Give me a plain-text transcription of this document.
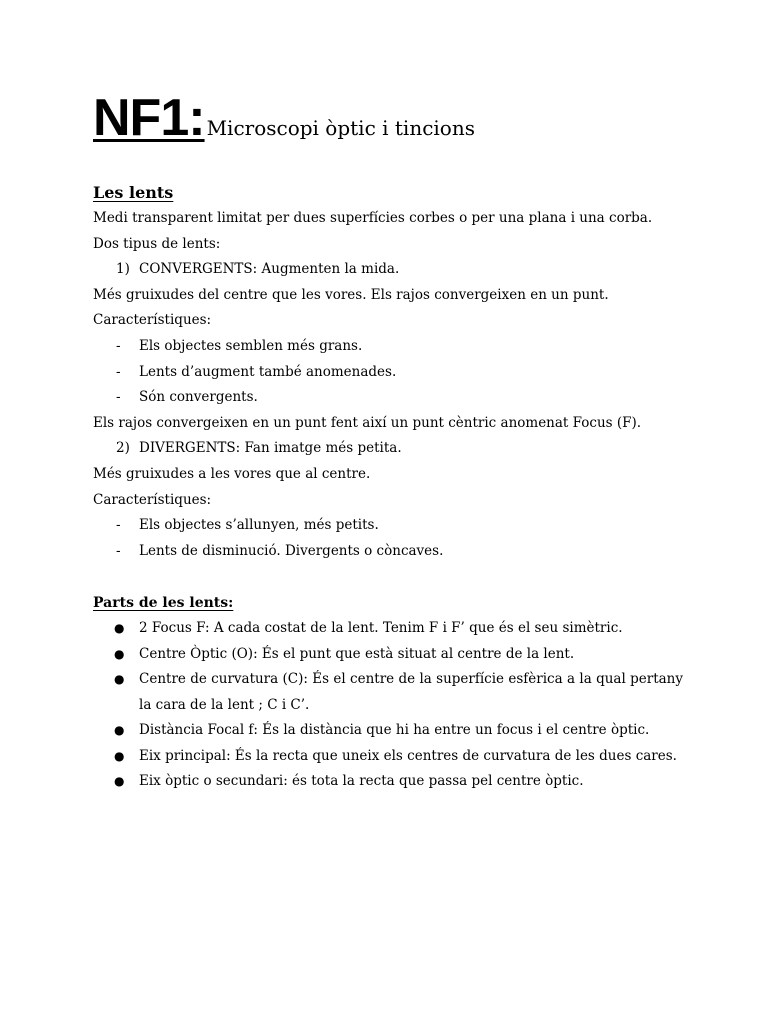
NF1: Microscopi òptic i tincions
Les lents
Medi transparent limitat per dues superfícies corbes o per una plana i una corba.
Dos tipus de lents:
1) CONVERGENTS: Augmenten la mida.
Més gruixudes del centre que les vores. Els rajos convergeixen en un punt.
Característiques:
- Els objectes semblen més grans.
- Lents d’augment també anomenades.
- Són convergents.
Els rajos convergeixen en un punt fent així un punt cèntric anomenat Focus (F).
2) DIVERGENTS: Fan imatge més petita.
Més gruixudes a les vores que al centre.
Característiques:
- Els objectes s’allunyen, més petits.
- Lents de disminució. Divergents o còncaves.
Parts de les lents:
●	2 Focus F: A cada costat de la lent. Tenim F i F’ que és el seu simètric.
●	Centre Òptic (O): És el punt que està situat al centre de la lent.
●	Centre de curvatura (C): És el centre de la superfície esfèrica a la qual pertany la cara de la lent ; C i C’.
●	Distància Focal f: És la distància que hi ha entre un focus i el centre òptic.
●	Eix principal: És la recta que uneix els centres de curvatura de les dues cares.
●	Eix òptic o secundari: és tota la recta que passa pel centre òptic.
